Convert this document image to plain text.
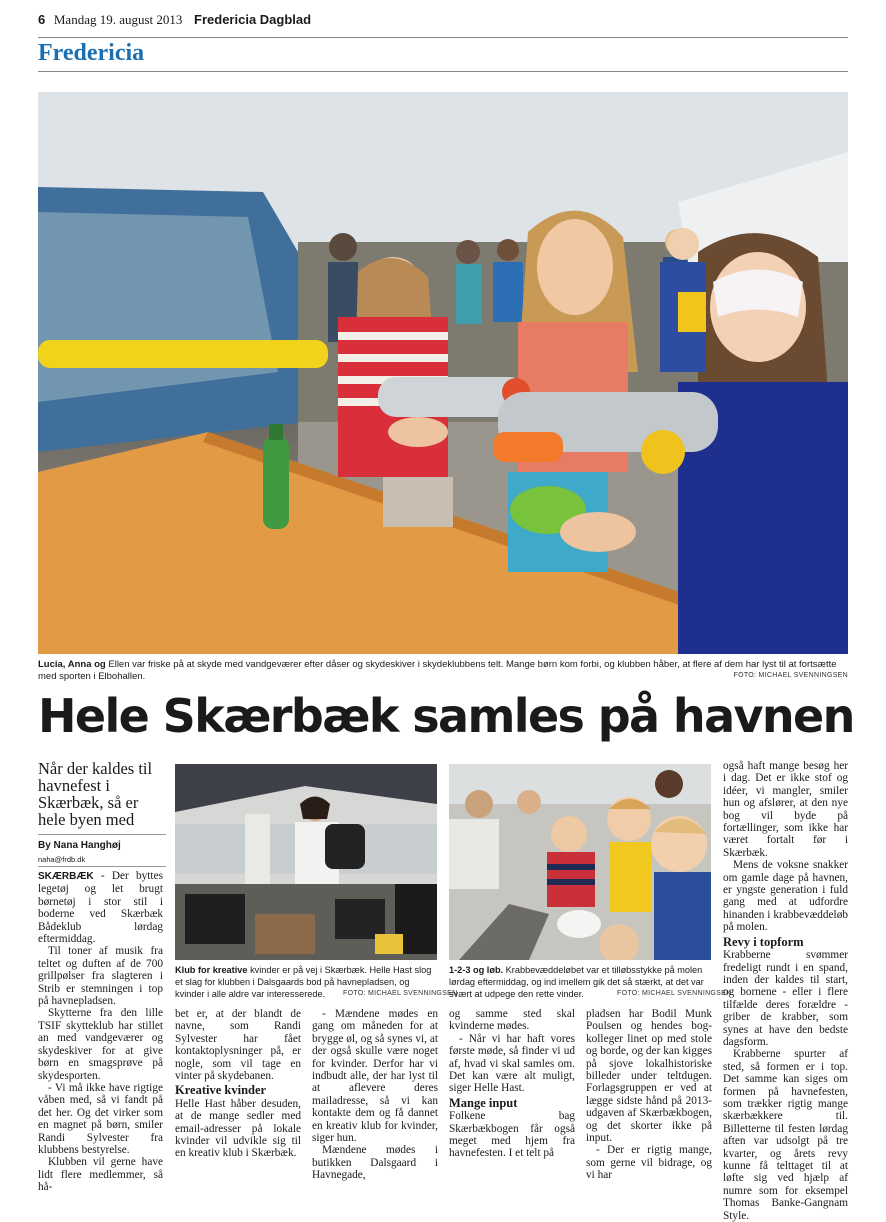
6 Mandag 19. august 2013 Fredericia Dagblad
Fredericia
Lucia, Anna og Ellen var friske på at skyde med vandgeværer efter dåser og skydeskiver i skydeklubbens telt. Mange børn kom forbi, og klubben håber, at flere af dem har lyst til at fortsætte med sporten i Elbohallen.	FOTO: MICHAEL SVENNINGSEN
Hele Skærbæk samles på havnen
Når der kaldes til havnefest i Skærbæk, så er hele byen med
By Nana Hanghøj
naha@frdb.dk
Klub for kreative kvinder er på vej i Skærbæk. Helle Hast slog et slag for klubben i Dalsgaards bod på havnepladsen, og kvinder i alle aldre var interesserede.	FOTO: MICHAEL SVENNINGSEN
1-2-3 og løb. Krabbevæddeløbet var et tilløbsstykke på molen lørdag eftermiddag, og ind imellem gik det så stærkt, at det var svært at udpege den rette vinder.	FOTO: MICHAEL SVENNINGSEN

SKÆRBÆK - Der byttes legetøj og let brugt børnetøj i stor stil i boderne ved Skærbæk Bådeklub lørdag eftermiddag.

Til toner af musik fra teltet og duften af de 700 grillpølser fra slagteren i Strib er stemningen i top på havnepladsen.

Skytterne fra den lille TSIF skytteklub har stillet an med vandgeværer og skydeskiver for at give børn en smagsprøve på skydesporten.

- Vi må ikke have rigtige våben med, så vi fandt på det her. Og det virker som en magnet på børn, smiler Randi Sylvester fra klubbens bestyrelse.

Klubben vil gerne have lidt flere medlemmer, så hå-

bet er, at der blandt de navne, som Randi Sylvester har fået kontaktoplysninger på, er nogle, som vil tage en vinter på skydebanen.

Kreative kvinder

Helle Hast håber desuden, at de mange sedler med email-adresser på lokale kvinder vil udvikle sig til en kreativ klub i Skærbæk.

- Mændene mødes en gang om måneden for at brygge øl, og så synes vi, at der også skulle være noget for kvinder. Derfor har vi indbudt alle, der har lyst til at aflevere deres mailadresse, så vi kan kontakte dem og få dannet en kreativ klub for kvinder, siger hun.

Mændene mødes i butikken Dalsgaard i Havnegade,

og samme sted skal kvinderne mødes.

- Når vi har haft vores første møde, så finder vi ud af, hvad vi skal samles om. Det kan være alt muligt, siger Helle Hast.

Mange input

Folkene bag Skærbækbogen får også meget med hjem fra havnefesten. I et telt på

pladsen har Bodil Munk Poulsen og hendes bog-kolleger linet op med stole og borde, og der kan kigges på sjove lokalhistoriske billeder under teltdugen. Forlagsgruppen er ved at lægge sidste hånd på 2013-udgaven af Skærbækbogen, og det skorter ikke på input.

- Der er rigtig mange, som gerne vil bidrage, og vi har

også haft mange besøg her i dag. Det er ikke stof og idéer, vi mangler, smiler hun og afslører, at den nye bog vil byde på fortællinger, som ikke har været fortalt før i Skærbæk.

Mens de voksne snakker om gamle dage på havnen, er yngste generation i fuld gang med at udfordre hinanden i krabbevæddeløb på molen.

Revy i topform

Krabberne svømmer fredeligt rundt i en spand, inden der kaldes til start, og bornene - eller i flere tilfælde deres forældre - griber de krabber, som synes at have den bedste dagsform.

Krabberne spurter af sted, så formen er i top. Det samme kan siges om formen på havnefesten, som trækker rigtig mange skærbækkere til. Billetterne til festen lørdag aften var udsolgt på tre kvarter, og årets revy kunne få telttaget til at løfte sig ved hjælp af numre som for eksempel Thomas Banke-Gangnam Style.
